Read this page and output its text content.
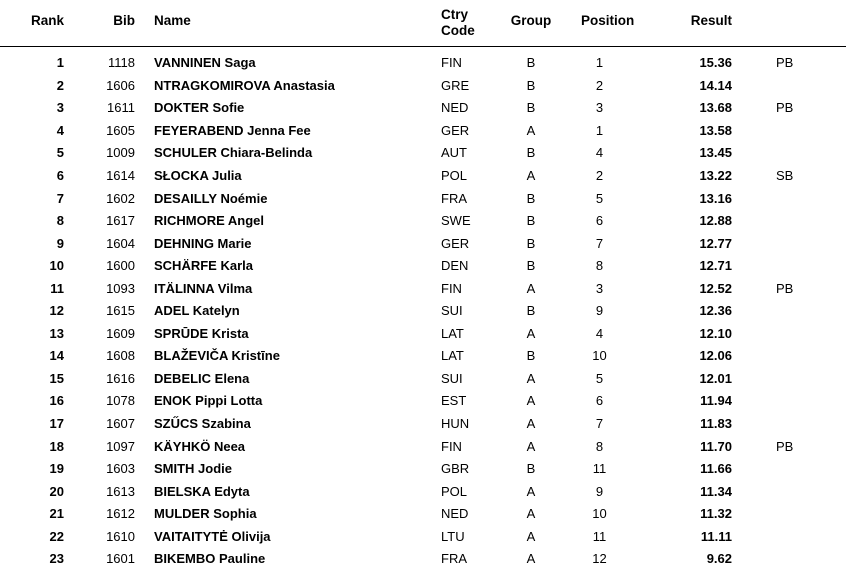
Rank	Bib		Name	Ctry
Code	Group	Position	Result		
1	1118		VANNINEN Saga	FIN	B	1	15.36		PB
2	1606		NTRAGKOMIROVA Anastasia	GRE	B	2	14.14		
3	1611		DOKTER Sofie	NED	B	3	13.68		PB
4	1605		FEYERABEND Jenna Fee	GER	A	1	13.58		
5	1009		SCHULER Chiara-Belinda	AUT	B	4	13.45		
6	1614		SŁOCKA Julia	POL	A	2	13.22		SB
7	1602		DESAILLY Noémie	FRA	B	5	13.16		
8	1617		RICHMORE Angel	SWE	B	6	12.88		
9	1604		DEHNING Marie	GER	B	7	12.77		
10	1600		SCHÄRFE Karla	DEN	B	8	12.71		
11	1093		ITÄLINNA Vilma	FIN	A	3	12.52		PB
12	1615		ADEL Katelyn	SUI	B	9	12.36		
13	1609		SPRŪDE Krista	LAT	A	4	12.10		
14	1608		BLAŽEVIČA Kristīne	LAT	B	10	12.06		
15	1616		DEBELIC Elena	SUI	A	5	12.01		
16	1078		ENOK Pippi Lotta	EST	A	6	11.94		
17	1607		SZŰCS Szabina	HUN	A	7	11.83		
18	1097		KÄYHKÖ Neea	FIN	A	8	11.70		PB
19	1603		SMITH Jodie	GBR	B	11	11.66		
20	1613		BIELSKA Edyta	POL	A	9	11.34		
21	1612		MULDER Sophia	NED	A	10	11.32		
22	1610		VAITAITYTĖ Olivija	LTU	A	11	11.11		
23	1601		BIKEMBO Pauline	FRA	A	12	9.62		
